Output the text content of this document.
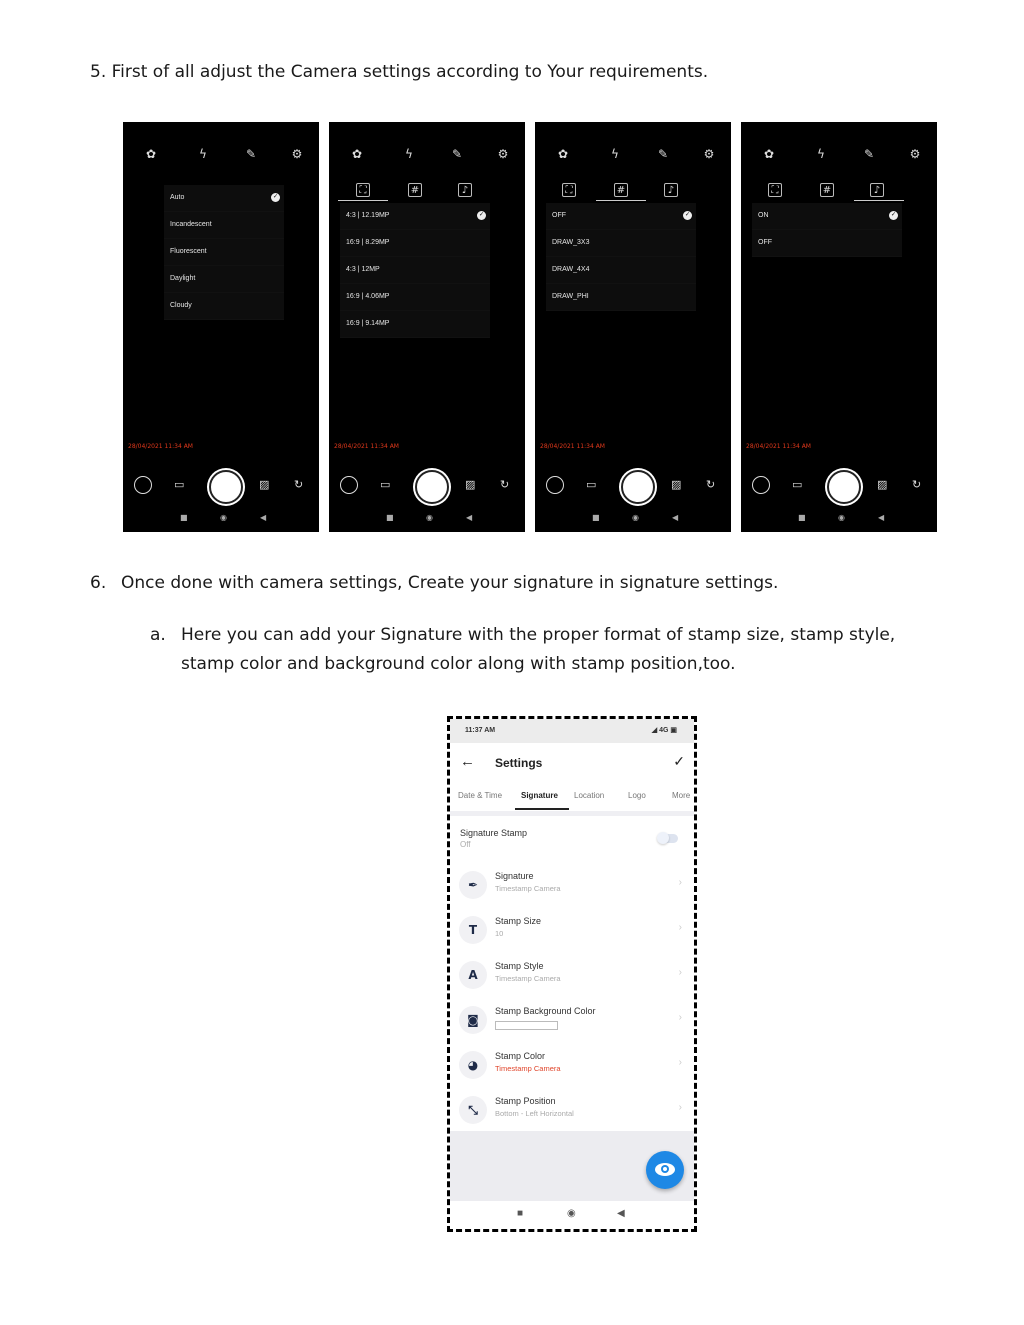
5. First of all adjust the Camera settings according to Your requirements.
✿	ϟ	✎	⚙
Auto	✓
Incandescent
Fluorescent
Daylight
Cloudy
28/04/2021 11:34 AM
▭	▨ ↻
■	◉	◀
✿	ϟ	✎	⚙
⛶	#	♪
4:3 | 12.19MP	✓
16:9 | 8.29MP
4:3 | 12MP
16:9 | 4.06MP
16:9 | 9.14MP
28/04/2021 11:34 AM
▭	▨ ↻
■	◉	◀
✿	ϟ	✎	⚙
⛶	#	♪
OFF	✓
DRAW_3X3
DRAW_4X4
DRAW_PHI
28/04/2021 11:34 AM
▭	▨ ↻
■	◉	◀
✿	ϟ	✎	⚙
⛶	#	♪
ON	✓
OFF
28/04/2021 11:34 AM
▭	▨ ↻
■	◉	◀
6. Once done with camera settings, Create your signature in signature settings.
a. Here you can add your Signature with the proper format of stamp size, stamp style, stamp color and background color along with stamp position,too.
11:37 AM	◢ 4G ▣
← Settings	✓
Date & Time Signature Location	Logo	More
Signature Stamp
Off
✒
Signature
Timestamp Camera
›
T
Stamp Size
10
›
A
Stamp Style
Timestamp Camera
›
◙
Stamp Background Color
›
◕
Stamp Color
Timestamp Camera
›
⤡
Stamp Position
Bottom - Left Horizontal
›
■	◉	◀
